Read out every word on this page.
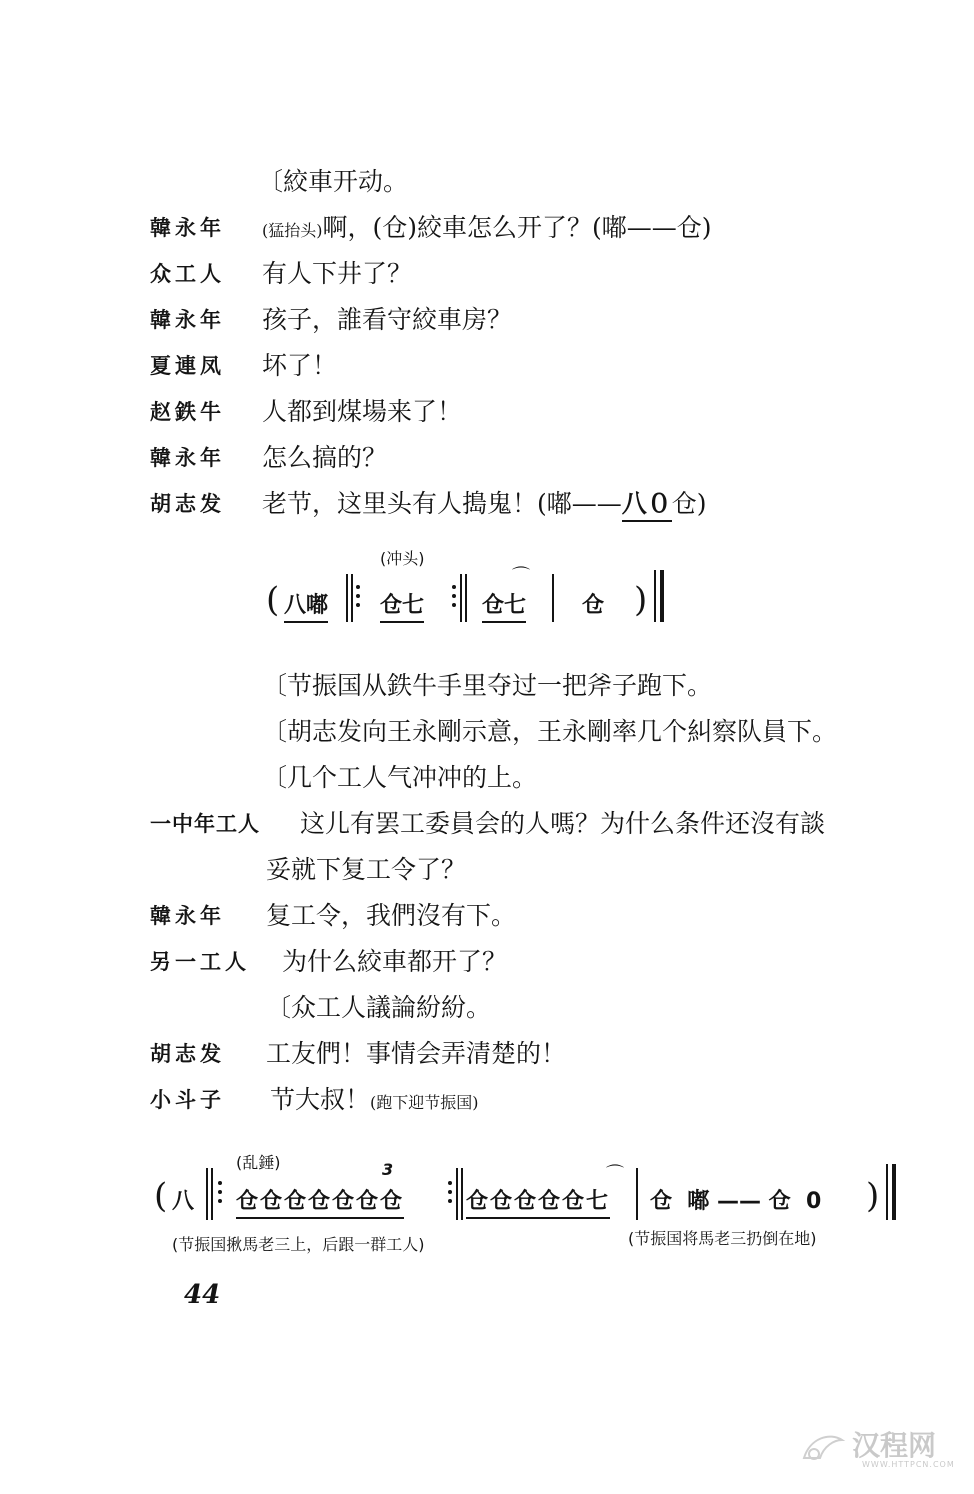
〔絞車开动。
韓永年 (猛抬头)啊，(仓)絞車怎么开了？(嘟——仓)
众工人 有人下井了？
韓永年 孩子，誰看守絞車房？
夏連凤 坏了！
赵鉄牛 人都到煤場来了！
韓永年 怎么搞的？
胡志发 老节，这里头有人搗鬼！(嘟——八０仓)
(冲头)
( 八嘟 仓七	仓七
⌒
仓 )
〔节振国从鉄牛手里夺过一把斧子跑下。
〔胡志发向王永剛示意，王永剛率几个糾察队員下。
〔几个工人气冲冲的上。
一中年工人 这儿有罢工委員会的人嗎？为什么条件还沒有談
妥就下复工令了？
韓永年 复工令，我們沒有下。
另一工人 为什么絞車都开了？
〔众工人議論紛紛。
胡志发 工友們！事情会弄清楚的！
小斗子 节大叔！(跑下迎节振国)
(乱錘)
( 八 仓仓仓仓仓仓仓
3
仓仓仓仓仓七
⌒
仓  嘟 —— 仓  0 )
(节振国揪馬老三上，后跟一群工人)	(节振国将馬老三扔倒在地)
44
汉程网
WWW.HTTPCN.COM
